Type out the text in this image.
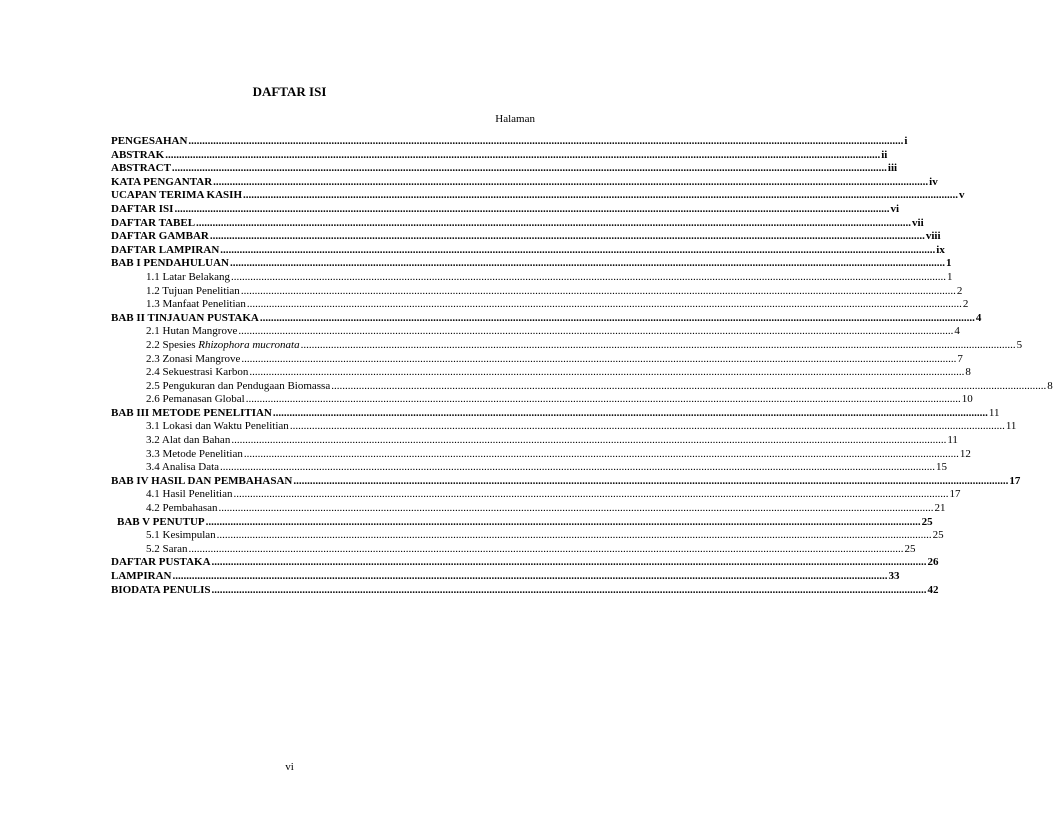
DAFTAR ISI
Halaman
PENGESAHAN .................................................................................................................................................................................................................................................................... i
ABSTRAK .................................................................................................................................................................................................................................................................... ii
ABSTRACT .................................................................................................................................................................................................................................................................... iii
KATA PENGANTAR .................................................................................................................................................................................................................................................................... iv
UCAPAN TERIMA KASIH .................................................................................................................................................................................................................................................................... v
DAFTAR ISI .................................................................................................................................................................................................................................................................... vi
DAFTAR TABEL .................................................................................................................................................................................................................................................................... vii
DAFTAR GAMBAR .................................................................................................................................................................................................................................................................... viii
DAFTAR LAMPIRAN .................................................................................................................................................................................................................................................................... ix
BAB I PENDAHULUAN .................................................................................................................................................................................................................................................................... 1
1.1 Latar Belakang .................................................................................................................................................................................................................................................................... 1
1.2 Tujuan Penelitian .................................................................................................................................................................................................................................................................... 2
1.3 Manfaat Penelitian .................................................................................................................................................................................................................................................................... 2
BAB II TINJAUAN PUSTAKA .................................................................................................................................................................................................................................................................... 4
2.1 Hutan Mangrove .................................................................................................................................................................................................................................................................... 4
2.2 Spesies Rhizophora mucronata .................................................................................................................................................................................................................................................................... 5
2.3 Zonasi Mangrove .................................................................................................................................................................................................................................................................... 7
2.4 Sekuestrasi Karbon .................................................................................................................................................................................................................................................................... 8
2.5 Pengukuran dan Pendugaan Biomassa .................................................................................................................................................................................................................................................................... 8
2.6 Pemanasan Global .................................................................................................................................................................................................................................................................... 10
BAB III METODE PENELITIAN .................................................................................................................................................................................................................................................................... 11
3.1 Lokasi dan Waktu Penelitian .................................................................................................................................................................................................................................................................... 11
3.2 Alat dan Bahan .................................................................................................................................................................................................................................................................... 11
3.3 Metode Penelitian .................................................................................................................................................................................................................................................................... 12
3.4 Analisa Data .................................................................................................................................................................................................................................................................... 15
BAB IV HASIL DAN PEMBAHASAN .................................................................................................................................................................................................................................................................... 17
4.1 Hasil Penelitian .................................................................................................................................................................................................................................................................... 17
4.2 Pembahasan .................................................................................................................................................................................................................................................................... 21
BAB V PENUTUP .................................................................................................................................................................................................................................................................... 25
5.1 Kesimpulan .................................................................................................................................................................................................................................................................... 25
5.2 Saran .................................................................................................................................................................................................................................................................... 25
DAFTAR PUSTAKA .................................................................................................................................................................................................................................................................... 26
LAMPIRAN .................................................................................................................................................................................................................................................................... 33
BIODATA PENULIS .................................................................................................................................................................................................................................................................... 42
vi
